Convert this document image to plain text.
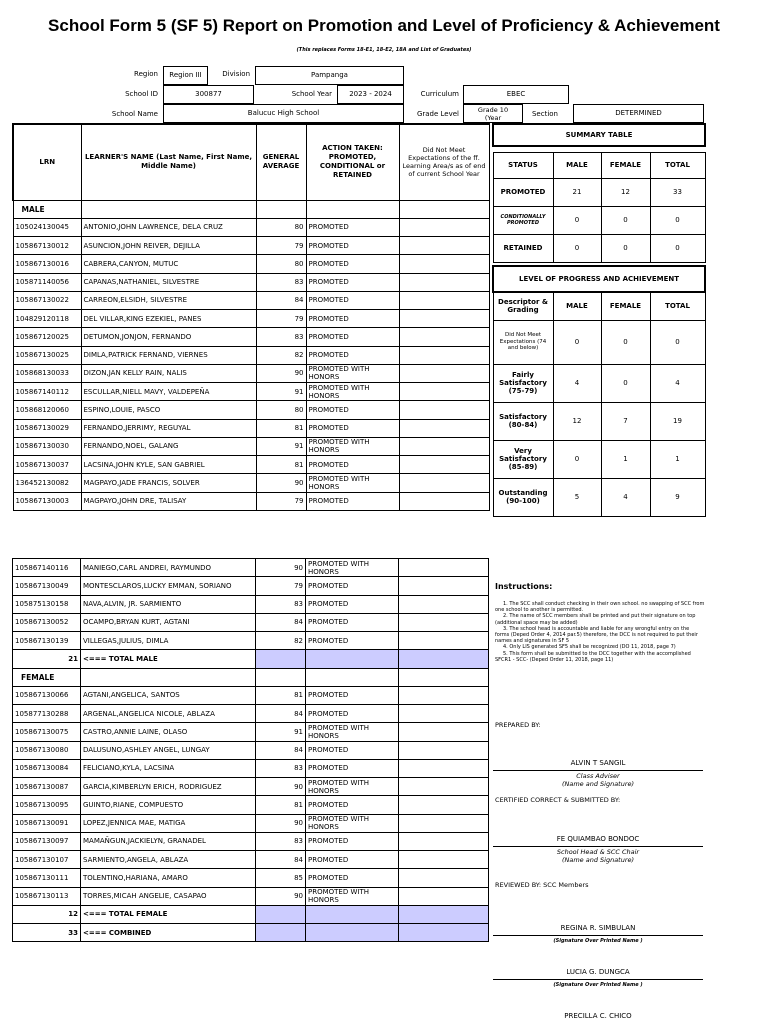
School Form 5 (SF 5) Report on Promotion and Level of Proficiency & Achievement
(This replaces Forms 18-E1, 18-E2, 18A and List of Graduates)
Region	Region III	Division	Pampanga
School ID	300877	School Year	2023 - 2024	Curriculum	EBEC
School Name	Balucuc High School	Grade Level	Grade 10 (Year	Section	DETERMINED
LRN	LEARNER'S NAME (Last Name, First Name, Middle Name)	GENERAL AVERAGE	ACTION TAKEN: PROMOTED, CONDITIONAL or RETAINED	Did Not Meet Expectations of the ff. Learning Area/s as of end of current School Year
MALE				
105024130045	ANTONIO,JOHN LAWRENCE, DELA CRUZ	80	PROMOTED	
105867130012	ASUNCION,JOHN REIVER, DEJILLA	79	PROMOTED	
105867130016	CABRERA,CANYON, MUTUC	80	PROMOTED	
105871140056	CAPANAS,NATHANIEL, SILVESTRE	83	PROMOTED	
105867130022	CARREON,ELSIDH, SILVESTRE	84	PROMOTED	
104829120118	DEL VILLAR,KING EZEKIEL, PANES	79	PROMOTED	
105867120025	DETUMON,JONJON, FERNANDO	83	PROMOTED	
105867130025	DIMLA,PATRICK FERNAND, VIERNES	82	PROMOTED	
105868130033	DIZON,JAN KELLY RAIN, NALIS	90	PROMOTED WITH HONORS	
105867140112	ESCULLAR,NIELL MAVY, VALDEPEÑA	91	PROMOTED WITH HONORS	
105868120060	ESPINO,LOUIE, PASCO	80	PROMOTED	
105867130029	FERNANDO,JERRIMY, REGUYAL	81	PROMOTED	
105867130030	FERNANDO,NOEL, GALANG	91	PROMOTED WITH HONORS	
105867130037	LACSINA,JOHN KYLE, SAN GABRIEL	81	PROMOTED	
136452130082	MAGPAYO,JADE FRANCIS, SOLVER	90	PROMOTED WITH HONORS	
105867130003	MAGPAYO,JOHN DRE, TALISAY	79	PROMOTED	
105867140116	MANIEGO,CARL ANDREI, RAYMUNDO	90	PROMOTED WITH HONORS	
105867130049	MONTESCLAROS,LUCKY EMMAN, SORIANO	79	PROMOTED	
105875130158	NAVA,ALVIN, JR. SARMIENTO	83	PROMOTED	
105867130052	OCAMPO,BRYAN KURT, AGTANI	84	PROMOTED	
105867130139	VILLEGAS,JULIUS, DIMLA	82	PROMOTED	
21	<=== TOTAL MALE			
FEMALE				
105867130066	AGTANI,ANGELICA, SANTOS	81	PROMOTED	
105877130288	ARGENAL,ANGELICA NICOLE, ABLAZA	84	PROMOTED	
105867130075	CASTRO,ANNIE LAINE, OLASO	91	PROMOTED WITH HONORS	
105867130080	DALUSUNO,ASHLEY ANGEL, LUNGAY	84	PROMOTED	
105867130084	FELICIANO,KYLA, LACSINA	83	PROMOTED	
105867130087	GARCIA,KIMBERLYN ERICH, RODRIGUEZ	90	PROMOTED WITH HONORS	
105867130095	GUINTO,RIANE, COMPUESTO	81	PROMOTED	
105867130091	LOPEZ,JENNICA MAE, MATIGA	90	PROMOTED WITH HONORS	
105867130097	MAMAÑGUN,JACKIELYN, GRANADEL	83	PROMOTED	
105867130107	SARMIENTO,ANGELA, ABLAZA	84	PROMOTED	
105867130111	TOLENTINO,HARIANA, AMARO	85	PROMOTED	
105867130113	TORRES,MICAH ANGELIE, CASAPAO	90	PROMOTED WITH HONORS	
12	<=== TOTAL FEMALE			
33	<=== COMBINED			
SUMMARY TABLE			

STATUS	MALE	FEMALE	TOTAL
PROMOTED	21	12	33
CONDITIONALLY PROMOTED	0	0	0
RETAINED	0	0	0
LEVEL OF PROGRESS AND ACHIEVEMENT			
Descriptor & Grading	MALE	FEMALE	TOTAL
Did Not Meet Expectations (74 and below)	0	0	0
Fairly Satisfactory (75-79)	4	0	4
Satisfactory (80-84)	12	7	19
Very Satisfactory (85-89)	0	1	1
Outstanding (90-100)	5	4	9
Instructions:

1. The SCC shall conduct checking in their own school. no swapping of SCC from one school to another is permitted.

2. The name of SCC members shall be printed and put their signature on top (additional space may be added)

3. The school head is accountable and liable for any wrongful entry on the forms (Deped Order 4, 2014 par.5) therefore, the DCC is not required to put their names and signatures in SF 5

4. Only LIS generated SF5 shall be recognized (DO 11, 2018, page 7)

5. This form shall be submitted to the DCC together with the accomplished SFCR1 - SCC- (Deped Order 11, 2018, page 11)

PREPARED BY:
ALVIN T SANGIL
Class Adviser
(Name and Signature)
CERTIFIED CORRECT & SUBMITTED BY:
FE QUIAMBAO BONDOC
School Head & SCC Chair
(Name and Signature)
REVIEWED BY: SCC Members
REGINA R. SIMBULAN
(Signature Over Printed Name )
LUCIA G. DUNGCA
(Signature Over Printed Name )
PRECILLA C. CHICO
